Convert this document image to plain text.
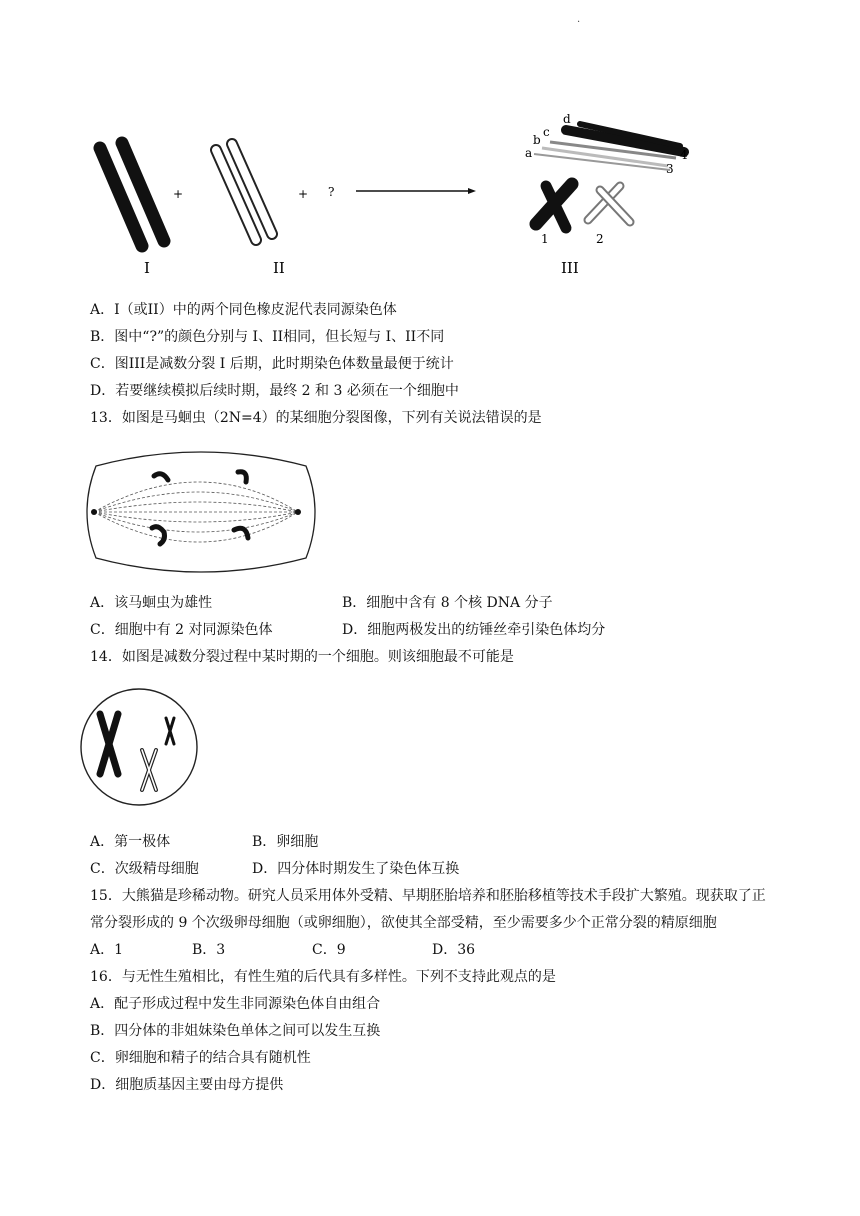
.
I
+
II
+ ?
a
b
c
d
4
3
1	2
III
A．I（或II）中的两个同色橡皮泥代表同源染色体
B．图中“?”的颜色分别与 I、II相同，但长短与 I、II不同
C．图III是减数分裂 I 后期，此时期染色体数量最便于统计
D．若要继续模拟后续时期，最终 2 和 3 必须在一个细胞中
13．如图是马蛔虫（2N=4）的某细胞分裂图像，下列有关说法错误的是
A．该马蛔虫为雄性	B．细胞中含有 8 个核 DNA 分子
C．细胞中有 2 对同源染色体	D．细胞两极发出的纺锤丝牵引染色体均分
14．如图是减数分裂过程中某时期的一个细胞。则该细胞最不可能是
A．第一极体	B．卵细胞
C．次级精母细胞	D．四分体时期发生了染色体互换
15．大熊猫是珍稀动物。研究人员采用体外受精、早期胚胎培养和胚胎移植等技术手段扩大繁殖。现获取了正
常分裂形成的 9 个次级卵母细胞（或卵细胞），欲使其全部受精，至少需要多少个正常分裂的精原细胞
A．1	B．3	C．9	D．36
16．与无性生殖相比，有性生殖的后代具有多样性。下列不支持此观点的是
A．配子形成过程中发生非同源染色体自由组合
B．四分体的非姐妹染色单体之间可以发生互换
C．卵细胞和精子的结合具有随机性
D．细胞质基因主要由母方提供
